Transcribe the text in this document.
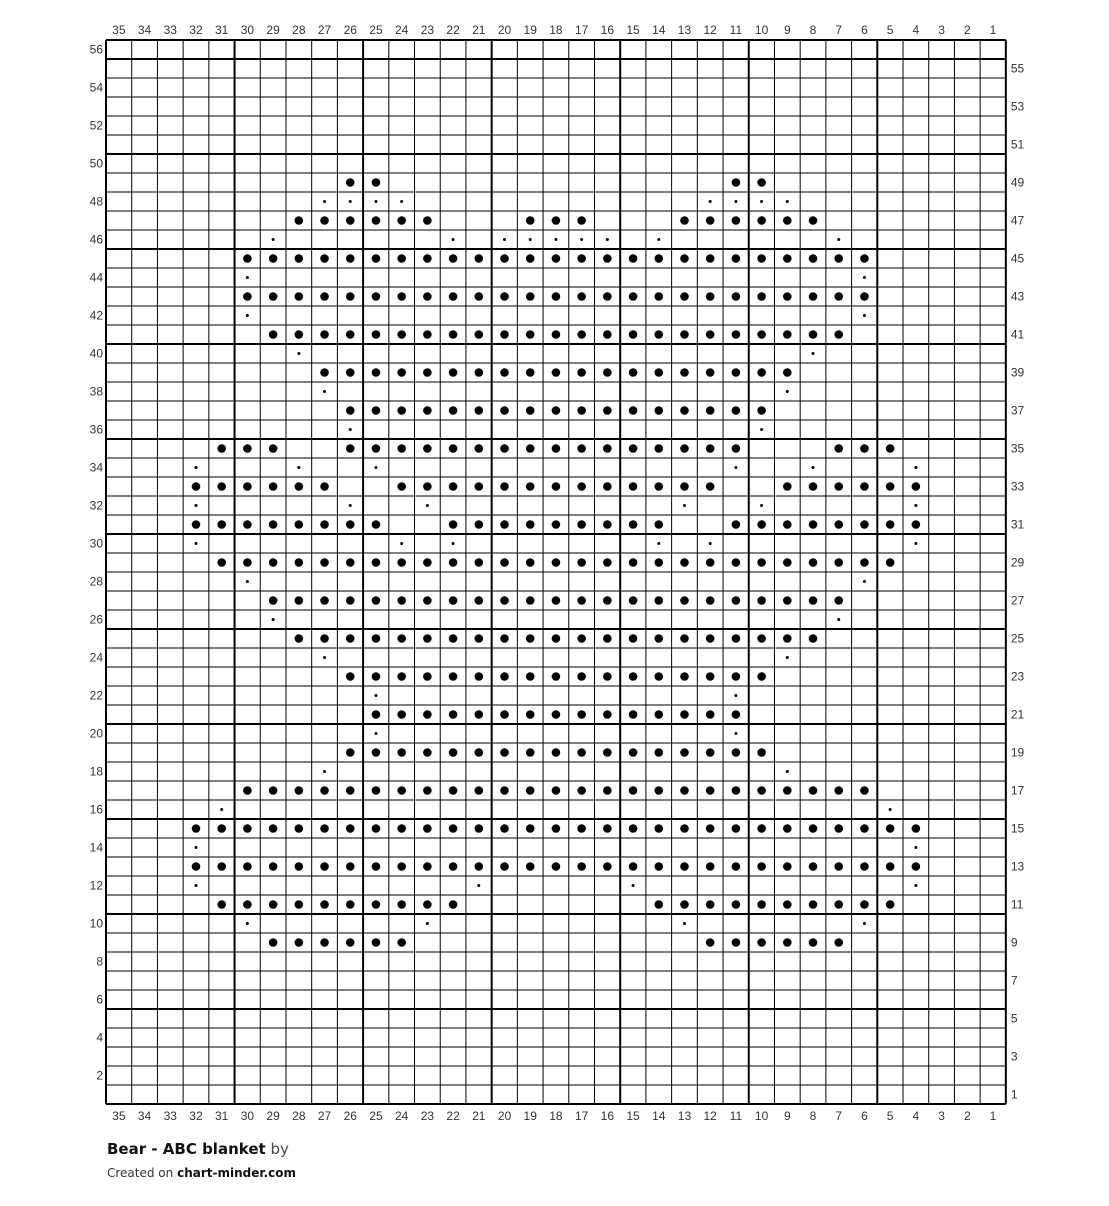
1
1
2
2
3
3
4
4
5
5
6
6
7
7
8
8
9
9
10
10
11
11
12
12
13
13
14
14
15
15
16
16
17
17
18
18
19
19
20
20
21
21
22
22
23
23
24
24
25
25
26
26
27
27
28
28
29
29
30
30
31
31
32
32
33
33
34
34
35
35
1
2
3
4
5
6
7
8
9
10
11
12
13
14
15
16
17
18
19
20
21
22
23
24
25
26
27
28
29
30
31
32
33
34
35
36
37
38
39
40
41
42
43
44
45
46
47
48
49
50
51
52
53
54
55
56
Bear - ABC blanket by
Created on chart-minder.com
